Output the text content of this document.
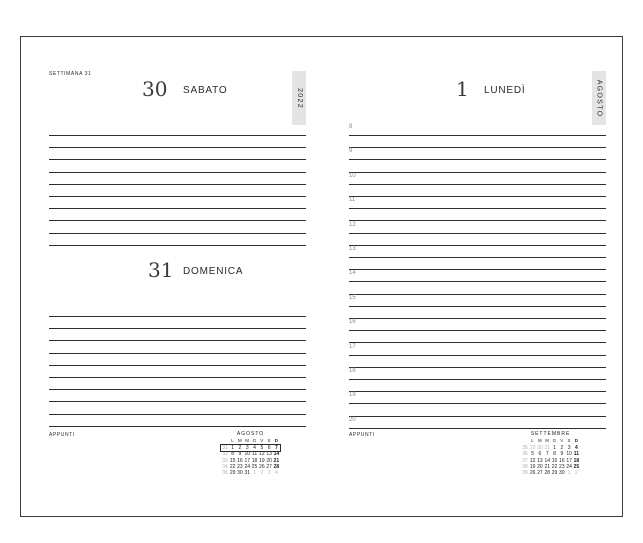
SETTIMANA 31
30 SABATO	2022
31 DOMENICA
APPUNTI	AGOSTO
	L	M	M	G	V	S	D
31	1	2	3	4	5	6	7
32	8	9	10	11	12	13	14
33	15	16	17	18	19	20	21
34	22	23	24	25	26	27	28
35	29	30	31	1	2	3	4
1 LUNEDÌ	AGOSTO
8
9
10
11
12
13
14
15
16
17
18
19
20
APPUNTI	SETTEMBRE
	L	M	M	G	V	S	D
35	29	30	31	1	2	3	4
36	5	6	7	8	9	10	11
37	12	13	14	15	16	17	18
38	19	20	21	22	23	24	25
39	26	27	28	29	30	1	2
